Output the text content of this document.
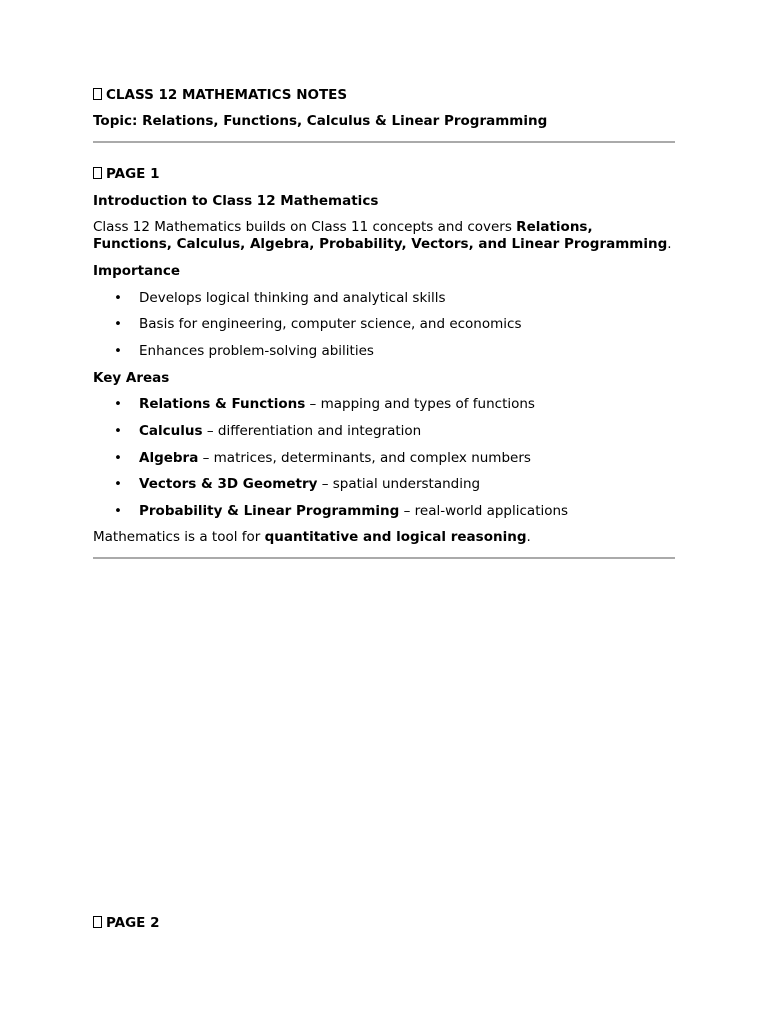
CLASS 12 MATHEMATICS NOTES

Topic: Relations, Functions, Calculus & Linear Programming

PAGE 1

Introduction to Class 12 Mathematics

Class 12 Mathematics builds on Class 11 concepts and covers Relations, Functions, Calculus, Algebra, Probability, Vectors, and Linear Programming.

Importance

• Develops logical thinking and analytical skills
• Basis for engineering, computer science, and economics
• Enhances problem-solving abilities

Key Areas

• Relations & Functions – mapping and types of functions
• Calculus – differentiation and integration
• Algebra – matrices, determinants, and complex numbers
• Vectors & 3D Geometry – spatial understanding
• Probability & Linear Programming – real-world applications

Mathematics is a tool for quantitative and logical reasoning.

PAGE 2
